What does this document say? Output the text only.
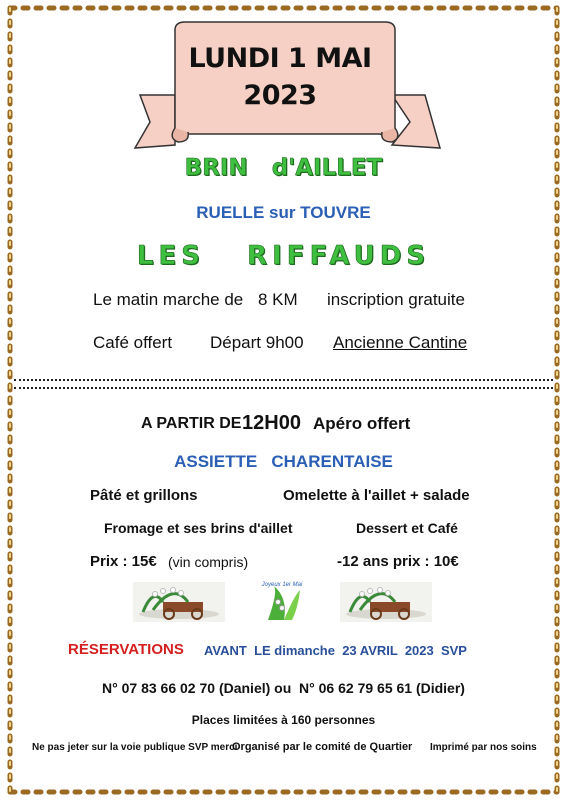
LUNDI 1 MAI
2023
BRIN   d'AILLET
RUELLE sur TOUVRE
LES   RIFFAUDS
Le matin marche de 8 KM inscription gratuite
Café offert Départ 9h00 Ancienne Cantine
A PARTIR DE 12H00 Apéro offert
ASSIETTE   CHARENTAISE
Pâté et grillons	Omelette à l'aillet + salade
Fromage et ses brins d'aillet	Dessert et Café
Prix : 15€ (vin compris)	-12 ans prix : 10€
Joyeux 1er Mai
RÉSERVATIONS AVANT  LE dimanche  23 AVRIL  2023  SVP
N° 07 83 66 02 70 (Daniel) ou  N° 06 62 79 65 61 (Didier)
Places limitées à 160 personnes
Ne pas jeter sur la voie publique SVP merci
Organisé par le comité de Quartier Imprimé par nos soins
